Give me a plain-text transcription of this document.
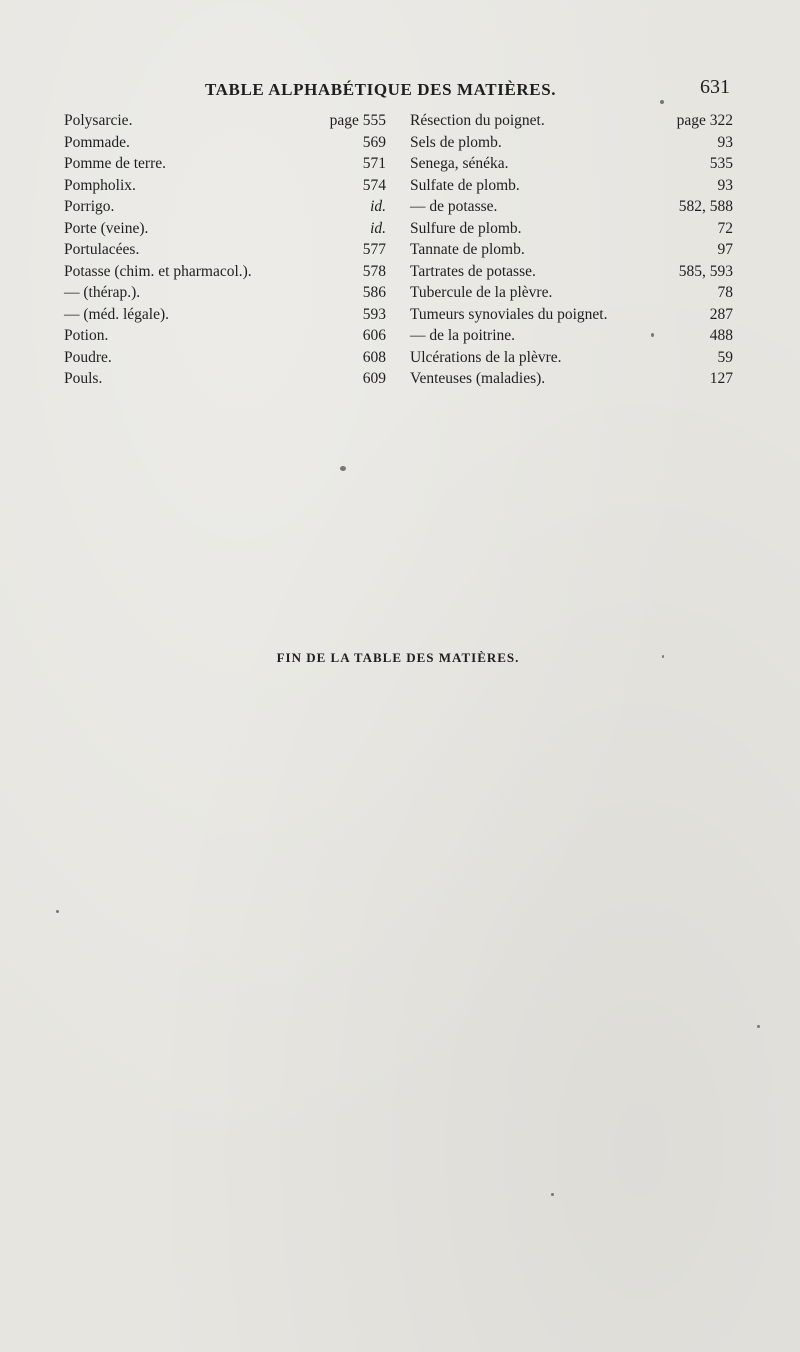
TABLE ALPHABÉTIQUE DES MATIÈRES.	631
Polysarcie.	page 555
Pommade.	569
Pomme de terre.	571
Pompholix.	574
Porrigo.	id.
Porte (veine).	id.
Portulacées.	577
Potasse (chim. et pharmacol.).	578
— (thérap.).	586
— (méd. légale).	593
Potion.	606
Poudre.	608
Pouls.	609
Résection du poignet.	page 322
Sels de plomb.	93
Senega, sénéka.	535
Sulfate de plomb.	93
— de potasse.	582, 588
Sulfure de plomb.	72
Tannate de plomb.	97
Tartrates de potasse.	585, 593
Tubercule de la plèvre.	78
Tumeurs synoviales du poignet.	287
— de la poitrine.	488
Ulcérations de la plèvre.	59
Venteuses (maladies).	127
FIN DE LA TABLE DES MATIÈRES.
